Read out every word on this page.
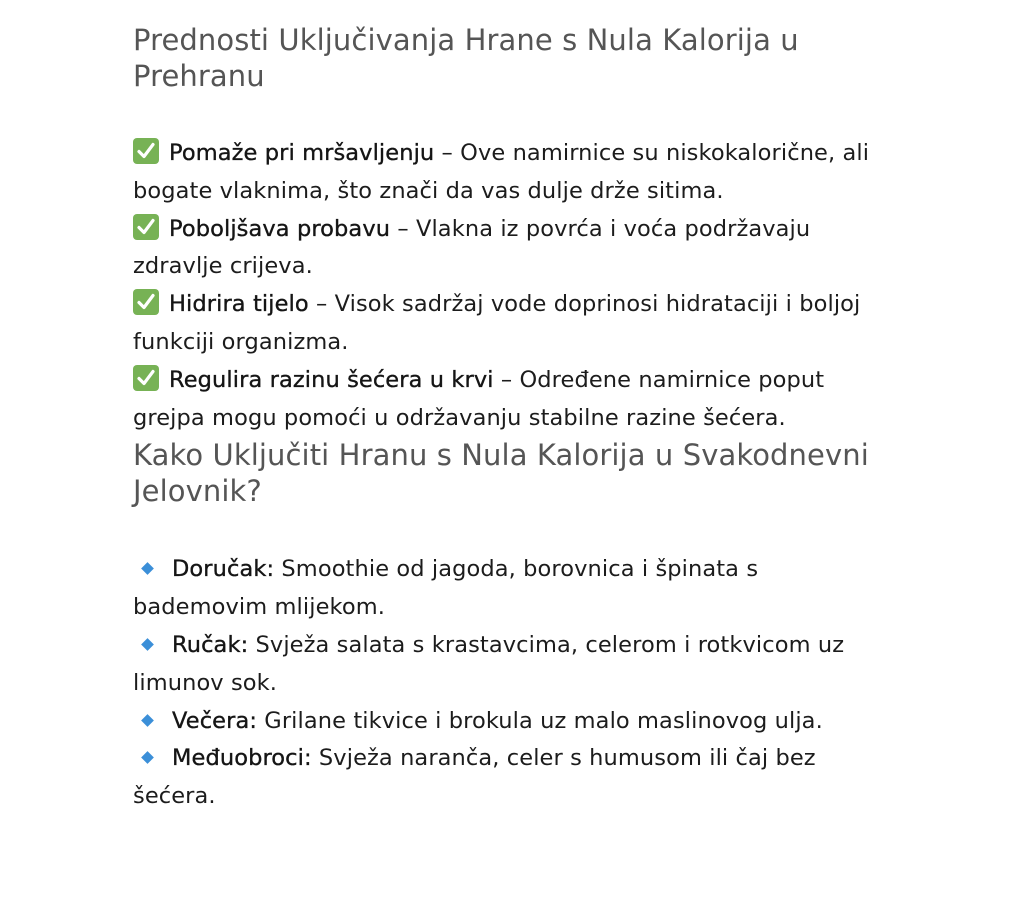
Prednosti Uključivanja Hrane s Nula Kalorija u Prehranu

Pomaže pri mršavljenju – Ove namirnice su niskokalorične, ali bogate vlaknima, što znači da vas dulje drže sitima.

Poboljšava probavu – Vlakna iz povrća i voća podržavaju zdravlje crijeva.

Hidrira tijelo – Visok sadržaj vode doprinosi hidrataciji i boljoj funkciji organizma.

Regulira razinu šećera u krvi – Određene namirnice poput grejpa mogu pomoći u održavanju stabilne razine šećera.

Kako Uključiti Hranu s Nula Kalorija u Svakodnevni Jelovnik?

Doručak: Smoothie od jagoda, borovnica i špinata s bademovim mlijekom.

Ručak: Svježa salata s krastavcima, celerom i rotkvicom uz limunov sok.

Večera: Grilane tikvice i brokula uz malo maslinovog ulja.

Međuobroci: Svježa naranča, celer s humusom ili čaj bez šećera.
